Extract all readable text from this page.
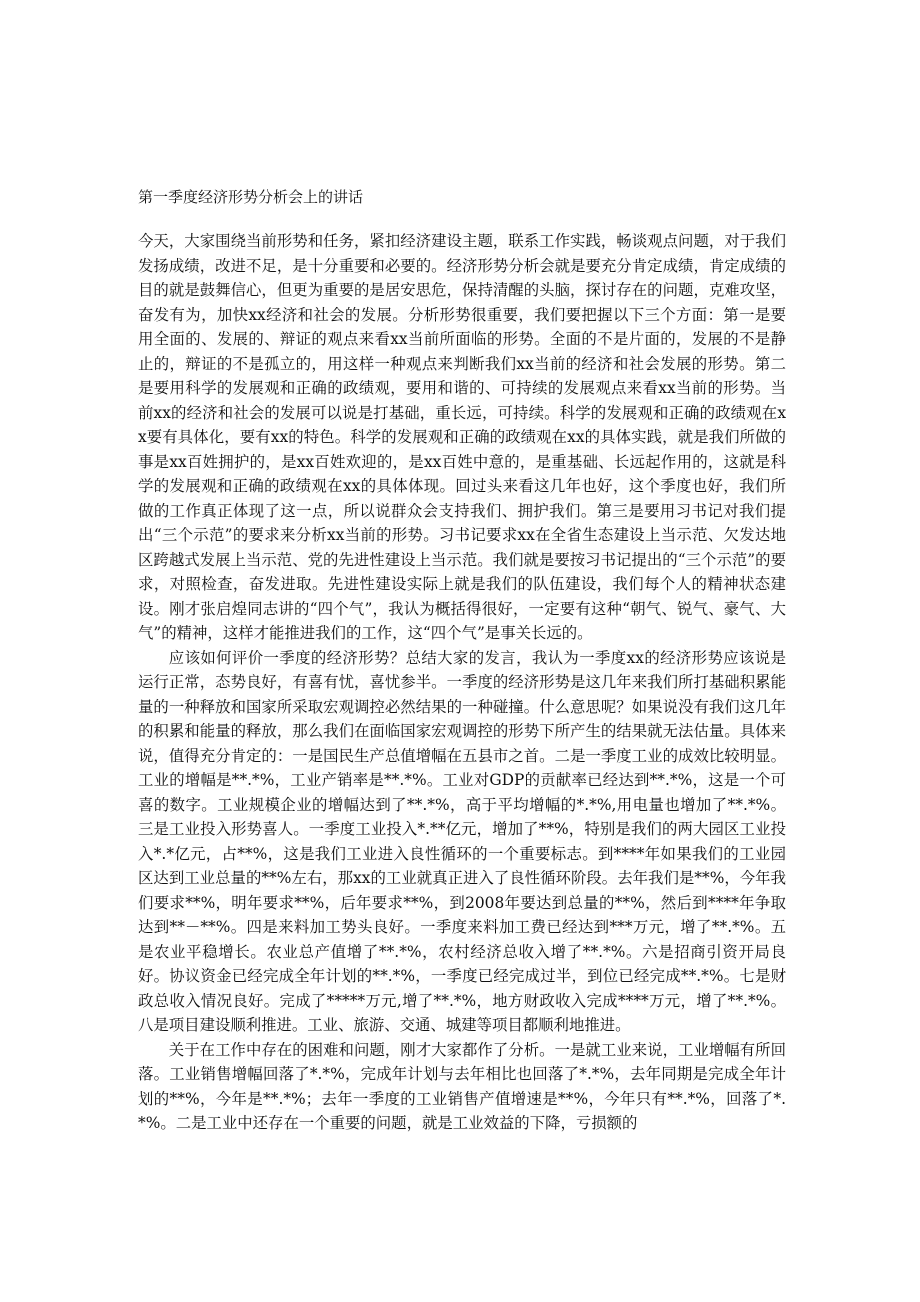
第一季度经济形势分析会上的讲话

今天，大家围绕当前形势和任务，紧扣经济建设主题，联系工作实践，畅谈观点问题，对于我们发扬成绩，改进不足，是十分重要和必要的。经济形势分析会就是要充分肯定成绩，肯定成绩的目的就是鼓舞信心，但更为重要的是居安思危，保持清醒的头脑，探讨存在的问题，克难攻坚，奋发有为，加快xx经济和社会的发展。分析形势很重要，我们要把握以下三个方面：第一是要用全面的、发展的、辩证的观点来看xx当前所面临的形势。全面的不是片面的，发展的不是静止的，辩证的不是孤立的，用这样一种观点来判断我们xx当前的经济和社会发展的形势。第二是要用科学的发展观和正确的政绩观，要用和谐的、可持续的发展观点来看xx当前的形势。当前xx的经济和社会的发展可以说是打基础，重长远，可持续。科学的发展观和正确的政绩观在xx要有具体化，要有xx的特色。科学的发展观和正确的政绩观在xx的具体实践，就是我们所做的事是xx百姓拥护的，是xx百姓欢迎的，是xx百姓中意的，是重基础、长远起作用的，这就是科学的发展观和正确的政绩观在xx的具体体现。回过头来看这几年也好，这个季度也好，我们所做的工作真正体现了这一点，所以说群众会支持我们、拥护我们。第三是要用习书记对我们提出“三个示范”的要求来分析xx当前的形势。习书记要求xx在全省生态建设上当示范、欠发达地区跨越式发展上当示范、党的先进性建设上当示范。我们就是要按习书记提出的“三个示范”的要求，对照检查，奋发进取。先进性建设实际上就是我们的队伍建设，我们每个人的精神状态建设。刚才张启煌同志讲的“四个气”，我认为概括得很好，一定要有这种“朝气、锐气、豪气、大气”的精神，这样才能推进我们的工作，这“四个气”是事关长远的。

应该如何评价一季度的经济形势？总结大家的发言，我认为一季度xx的经济形势应该说是运行正常，态势良好，有喜有忧，喜忧参半。一季度的经济形势是这几年来我们所打基础积累能量的一种释放和国家所采取宏观调控必然结果的一种碰撞。什么意思呢？如果说没有我们这几年的积累和能量的释放，那么我们在面临国家宏观调控的形势下所产生的结果就无法估量。具体来说，值得充分肯定的：一是国民生产总值增幅在五县市之首。二是一季度工业的成效比较明显。工业的增幅是**.*%，工业产销率是**.*%。工业对GDP的贡献率已经达到**.*%，这是一个可喜的数字。工业规模企业的增幅达到了**.*%，高于平均增幅的*.*%,用电量也增加了**.*%。三是工业投入形势喜人。一季度工业投入*.**亿元，增加了**%，特别是我们的两大园区工业投入*.*亿元，占**%，这是我们工业进入良性循环的一个重要标志。到****年如果我们的工业园区达到工业总量的**%左右，那xx的工业就真正进入了良性循环阶段。去年我们是**%，今年我们要求**%，明年要求**%，后年要求**%，到2008年要达到总量的**%，然后到****年争取达到**－**%。四是来料加工势头良好。一季度来料加工费已经达到***万元，增了**.*%。五是农业平稳增长。农业总产值增了**.*%，农村经济总收入增了**.*%。六是招商引资开局良好。协议资金已经完成全年计划的**.*%，一季度已经完成过半，到位已经完成**.*%。七是财政总收入情况良好。完成了*****万元,增了**.*%，地方财政收入完成****万元，增了**.*%。八是项目建设顺利推进。工业、旅游、交通、城建等项目都顺利地推进。

关于在工作中存在的困难和问题，刚才大家都作了分析。一是就工业来说，工业增幅有所回落。工业销售增幅回落了*.*%，完成年计划与去年相比也回落了*.*%，去年同期是完成全年计划的**%，今年是**.*%；去年一季度的工业销售产值增速是**%，今年只有**.*%，回落了*.*%。二是工业中还存在一个重要的问题，就是工业效益的下降，亏损额的
